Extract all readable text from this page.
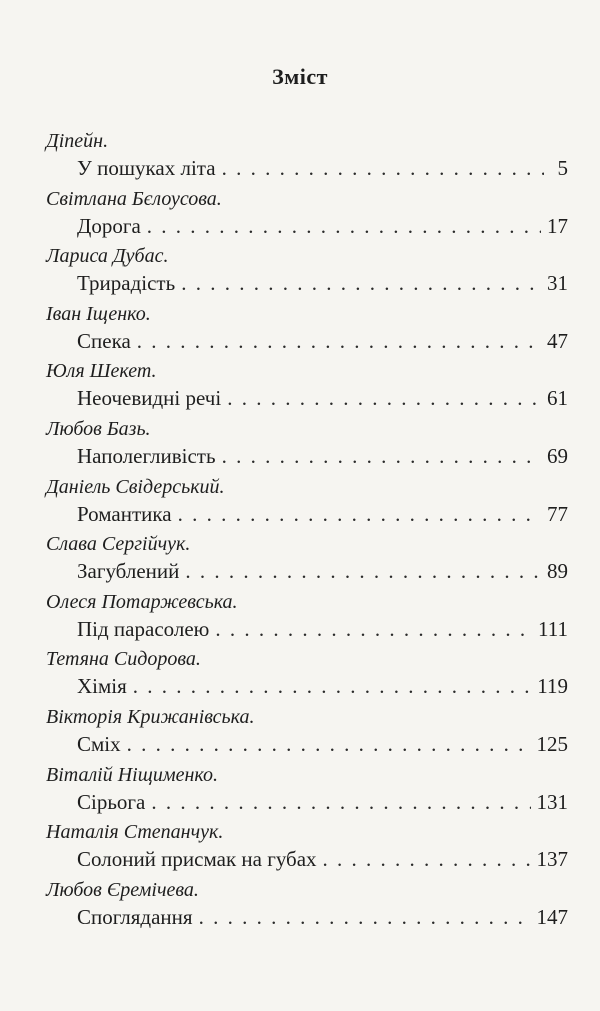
Зміст
Дiпейн.
У пошуках літа . . .	5
Світлана Бєлоусова.
Дорога . . .	17
Лариса Дубас.
Трирадість . . .	31
Іван Іщенко.
Спека . . .	47
Юля Шекет.
Неочевидні речі . . .	61
Любов Базь.
Наполегливість . . .	69
Даніель Свідерський.
Романтика . . .	77
Слава Сергійчук.
Загублений . . .	89
Олеся Потаржевська.
Під парасолею . . .	111
Тетяна Сидорова.
Хімія . . .	119
Вікторія Крижанівська.
Сміх . . .	125
Віталій Ніщименко.
Сірьога . . .	131
Наталія Степанчук.
Солоний присмак на губах . . .	137
Любов Єремічева.
Споглядання . . .	147
